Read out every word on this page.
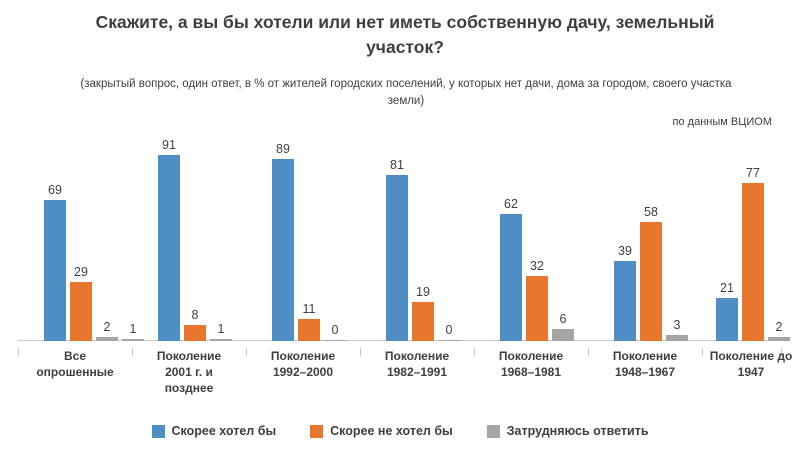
Скажите, а вы бы хотели или нет иметь собственную дачу, земельный участок?
(закрытый вопрос, один ответ, в % от жителей городских поселений, у которых нет дачи, дома за городом, своего участка земли)
по данным ВЦИОМ
69
29
2 1
91
8
1
89
11
0
81
19
0
62
32
6
39
58
3
21
77
2
Все опрошенные
Поколение 2001 г. и позднее
Поколение 1992–2000
Поколение 1982–1991
Поколение 1968–1981
Поколение 1948–1967
Поколение до 1947
Скорее хотел бы	Скорее не хотел бы	Затрудняюсь ответить
